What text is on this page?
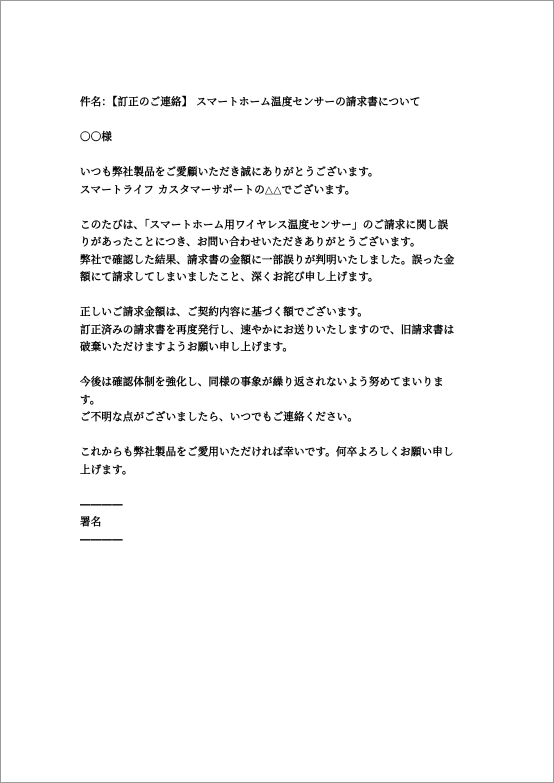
件名：【訂正のご連絡】 スマートホーム温度センサーの請求書について
〇〇様
いつも弊社製品をご愛顧いただき誠にありがとうございます。
スマートライフ カスタマーサポートの△△でございます。
このたびは、「スマートホーム用ワイヤレス温度センサー」のご請求に関し誤
りがあったことにつき、お問い合わせいただきありがとうございます。
弊社で確認した結果、請求書の金額に一部誤りが判明いたしました。誤った金
額にて請求してしまいましたこと、深くお詫び申し上げます。
正しいご請求金額は、ご契約内容に基づく額でございます。
訂正済みの請求書を再度発行し、速やかにお送りいたしますので、旧請求書は
破棄いただけますようお願い申し上げます。
今後は確認体制を強化し、同様の事象が繰り返されないよう努めてまいりま
す。
ご不明な点がございましたら、いつでもご連絡ください。
これからも弊社製品をご愛用いただければ幸いです。何卒よろしくお願い申し
上げます。
――――
署名
――――
